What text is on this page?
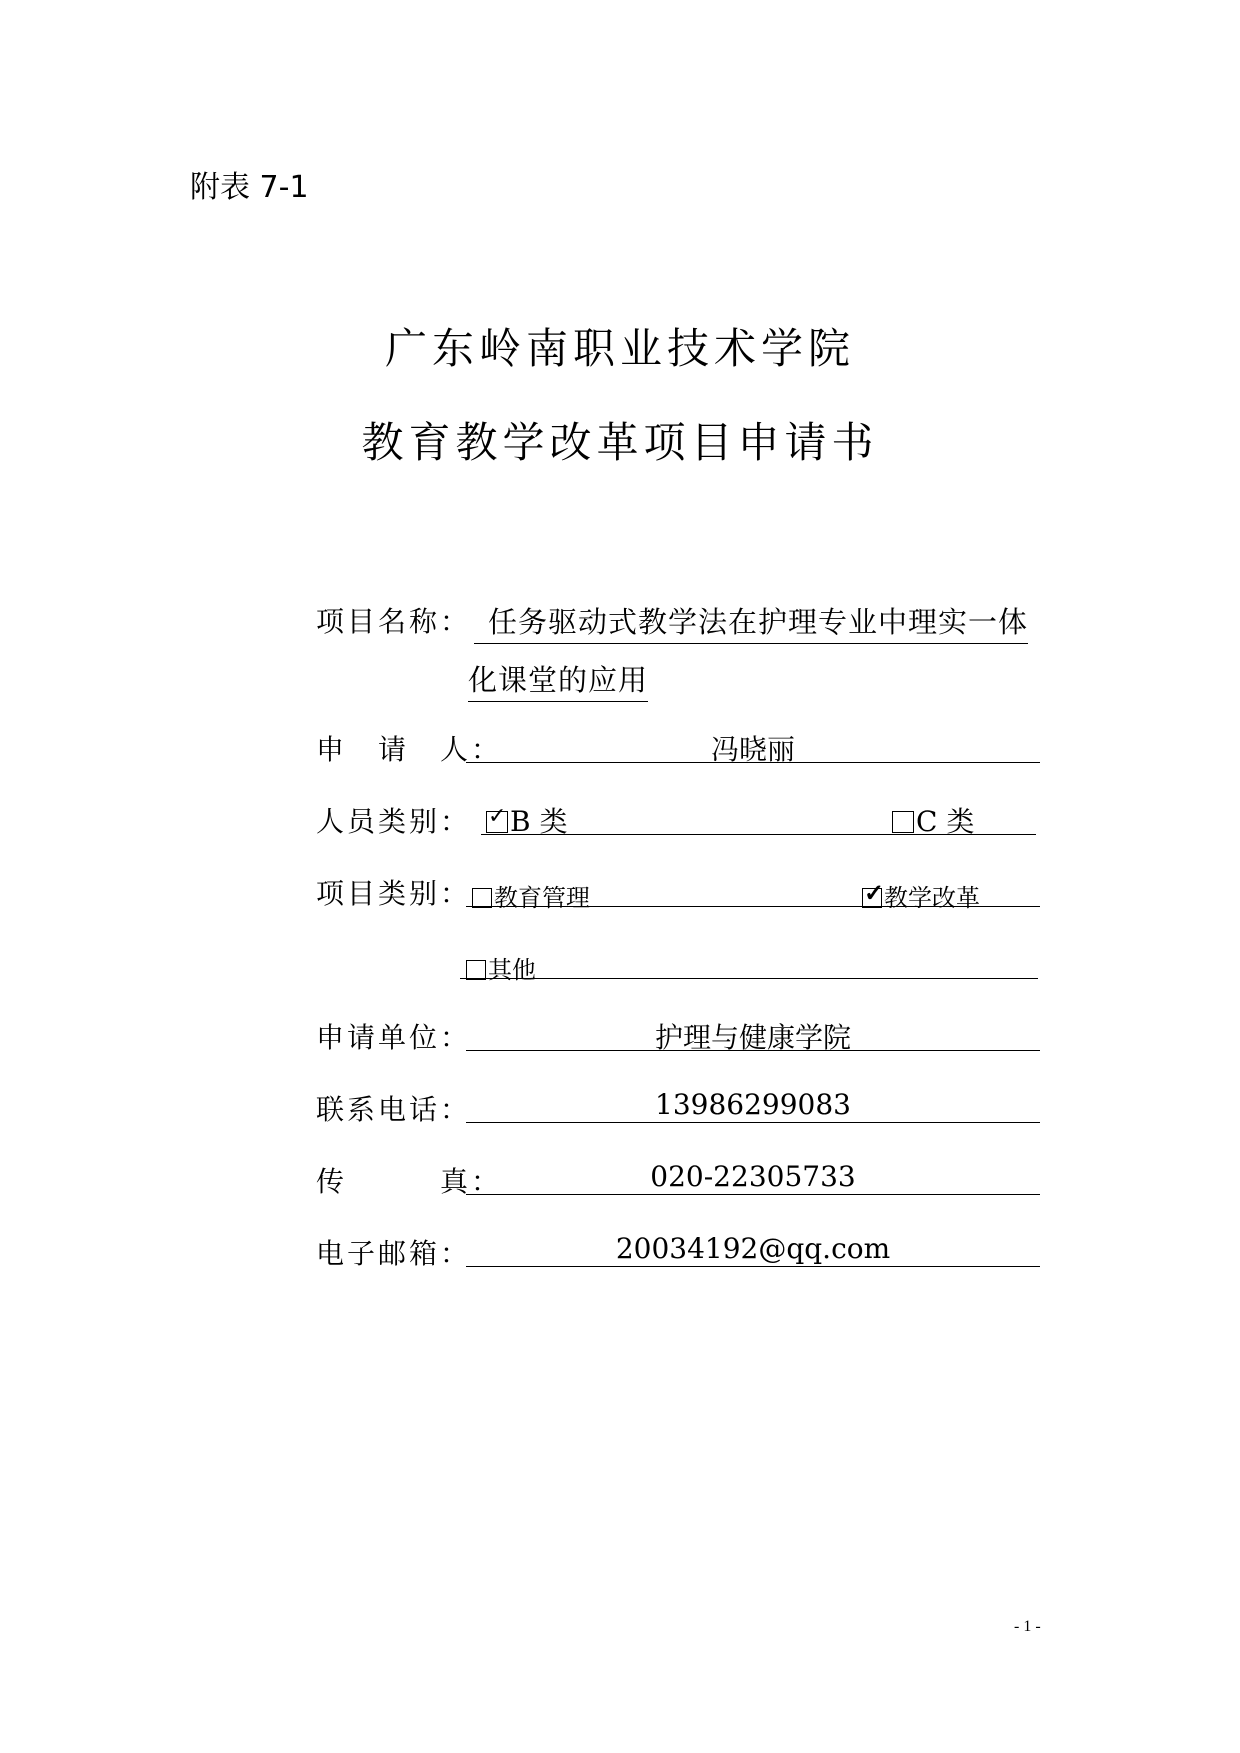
附表 7-1
广东岭南职业技术学院
教育教学改革项目申请书
项目名称： 任务驱动式教学法在护理专业中理实一体
化课堂的应用
申　请　人：	冯晓丽
人员类别： ✓ B 类	C 类
项目类别： 教育管理	✓ 教学改革
其他
申请单位：	护理与健康学院
联系电话：	13986299083
传　　　真：	020-22305733
电子邮箱：	20034192@qq.com
- 1 -
